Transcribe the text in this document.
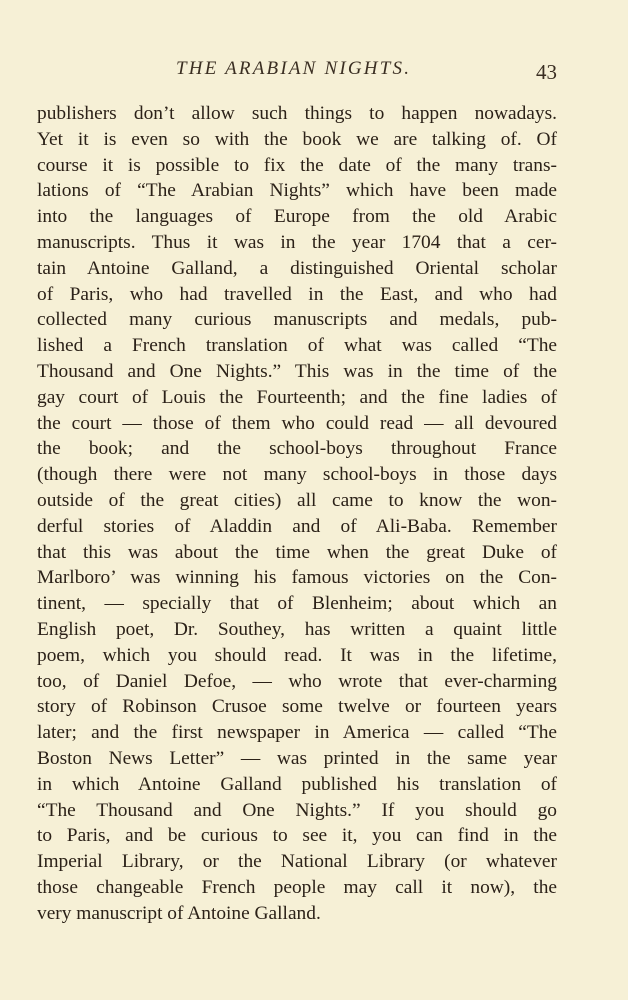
THE ARABIAN NIGHTS.	43
publishers don’t allow such things to happen nowadays.
Yet it is even so with the book we are talking of. Of
course it is possible to fix the date of the many trans-
lations of “The Arabian Nights” which have been made
into the languages of Europe from the old Arabic
manuscripts. Thus it was in the year 1704 that a cer-
tain Antoine Galland, a distinguished Oriental scholar
of Paris, who had travelled in the East, and who had
collected many curious manuscripts and medals, pub-
lished a French translation of what was called “The
Thousand and One Nights.” This was in the time of the
gay court of Louis the Fourteenth; and the fine ladies of
the court — those of them who could read — all devoured
the book; and the school-boys throughout France
(though there were not many school-boys in those days
outside of the great cities) all came to know the won-
derful stories of Aladdin and of Ali-Baba. Remember
that this was about the time when the great Duke of
Marlboro’ was winning his famous victories on the Con-
tinent, — specially that of Blenheim; about which an
English poet, Dr. Southey, has written a quaint little
poem, which you should read. It was in the lifetime,
too, of Daniel Defoe, — who wrote that ever-charming
story of Robinson Crusoe some twelve or fourteen years
later; and the first newspaper in America — called “The
Boston News Letter” — was printed in the same year
in which Antoine Galland published his translation of
“The Thousand and One Nights.” If you should go
to Paris, and be curious to see it, you can find in the
Imperial Library, or the National Library (or whatever
those changeable French people may call it now), the
very manuscript of Antoine Galland.
